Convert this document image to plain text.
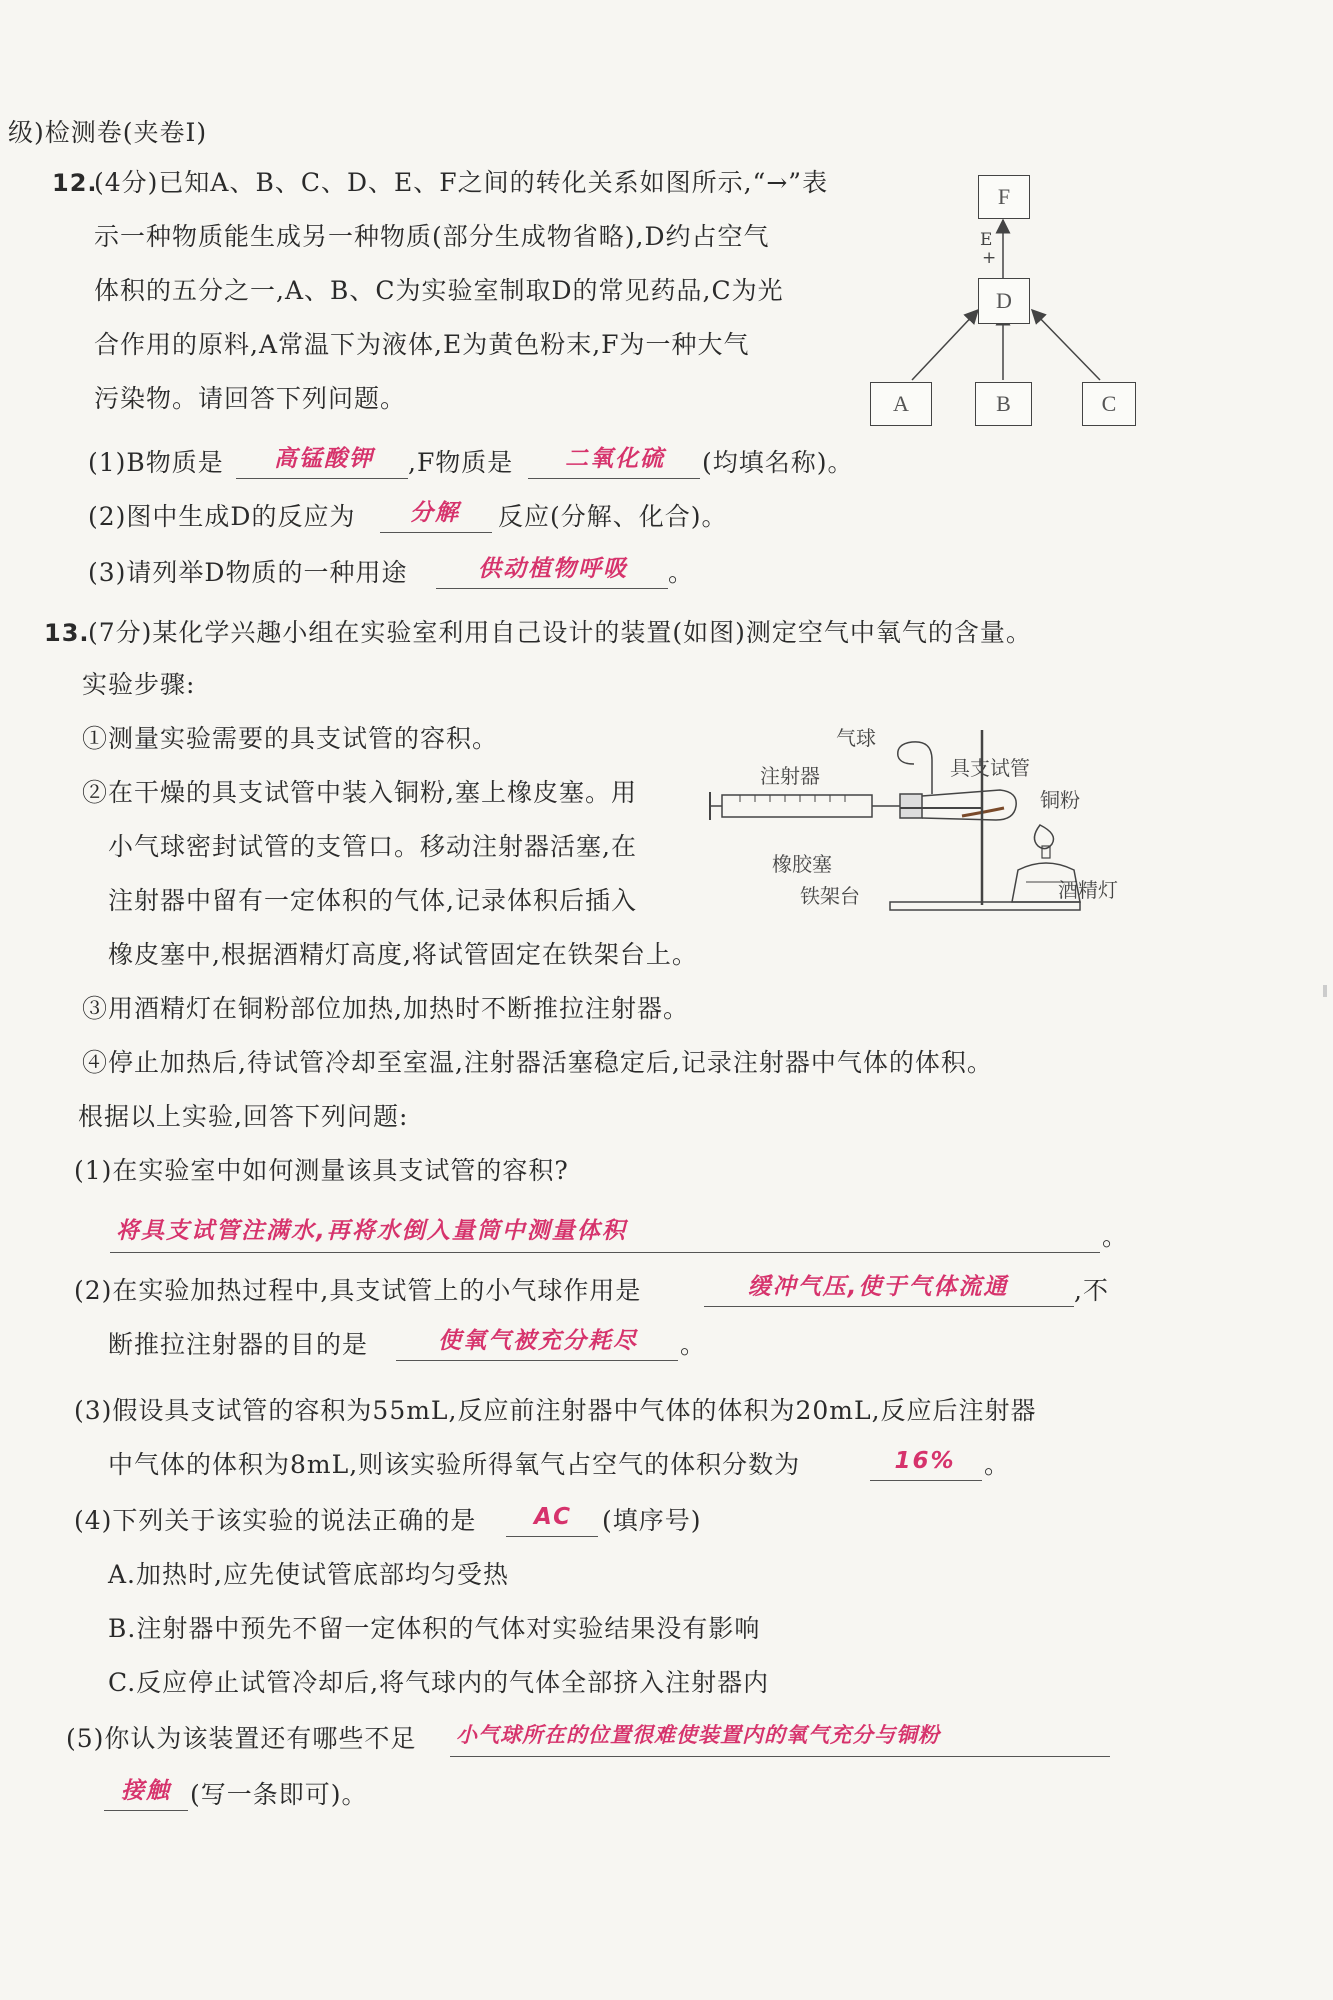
级)检测卷(夹卷Ⅰ)
12.
(4分)已知A、B、C、D、E、F之间的转化关系如图所示,“→”表
示一种物质能生成另一种物质(部分生成物省略),D约占空气
体积的五分之一,A、B、C为实验室制取D的常见药品,C为光
合作用的原料,A常温下为液体,E为黄色粉末,F为一种大气
污染物。请回答下列问题。
F
E
+
D
A	B	C
(1)B物质是	高锰酸钾	,F物质是	二氧化硫	(均填名称)。
(2)图中生成D的反应为	分解	反应(分解、化合)。
(3)请列举D物质的一种用途	供动植物呼吸	。
13.
(7分)某化学兴趣小组在实验室利用自己设计的装置(如图)测定空气中氧气的含量。
实验步骤:
①测量实验需要的具支试管的容积。
②在干燥的具支试管中装入铜粉,塞上橡皮塞。用
小气球密封试管的支管口。移动注射器活塞,在
注射器中留有一定体积的气体,记录体积后插入
橡皮塞中,根据酒精灯高度,将试管固定在铁架台上。
③用酒精灯在铜粉部位加热,加热时不断推拉注射器。
④停止加热后,待试管冷却至室温,注射器活塞稳定后,记录注射器中气体的体积。
根据以上实验,回答下列问题:
气球
注射器	具支试管
铜粉
橡胶塞
铁架台	酒精灯
(1)在实验室中如何测量该具支试管的容积?
将具支试管注满水,再将水倒入量筒中测量体积	。
(2)在实验加热过程中,具支试管上的小气球作用是	缓冲气压,使于气体流通	,不
断推拉注射器的目的是	使氧气被充分耗尽	。
(3)假设具支试管的容积为55mL,反应前注射器中气体的体积为20mL,反应后注射器
中气体的体积为8mL,则该实验所得氧气占空气的体积分数为	16%	。
(4)下列关于该实验的说法正确的是	AC	(填序号)
A.加热时,应先使试管底部均匀受热
B.注射器中预先不留一定体积的气体对实验结果没有影响
C.反应停止试管冷却后,将气球内的气体全部挤入注射器内
(5)你认为该装置还有哪些不足 小气球所在的位置很难使装置内的氧气充分与铜粉
接触 (写一条即可)。
